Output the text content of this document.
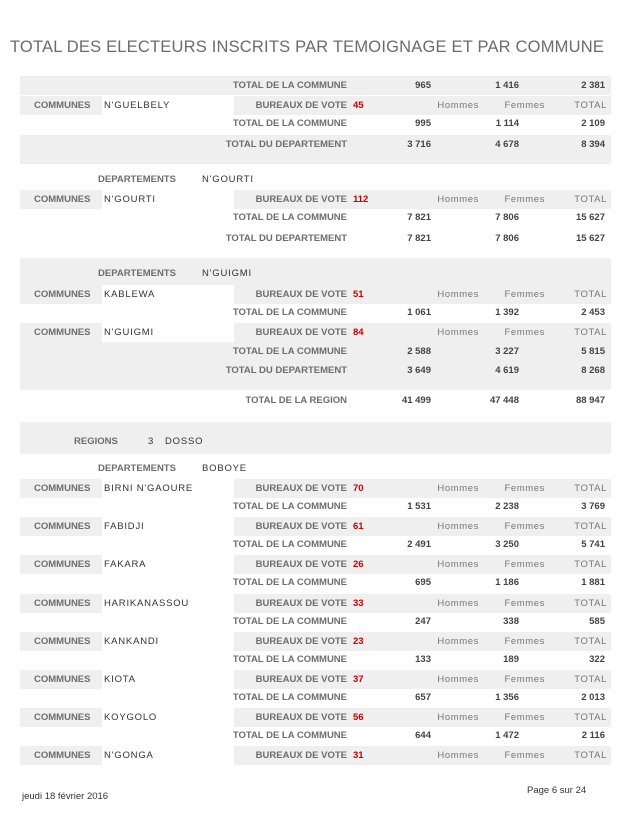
TOTAL DES ELECTEURS INSCRITS PAR TEMOIGNAGE ET PAR COMMUNE
TOTAL DE LA COMMUNE	965	1 416	2 381
COMMUNES N'GUELBELY	BUREAUX DE VOTE 45	Hommes	Femmes	TOTAL
TOTAL DE LA COMMUNE	995	1 114	2 109
TOTAL DU DEPARTEMENT	3 716	4 678	8 394
DEPARTEMENTS	N'GOURTI
COMMUNES N'GOURTI	BUREAUX DE VOTE 112	Hommes	Femmes	TOTAL
TOTAL DE LA COMMUNE	7 821	7 806	15 627
TOTAL DU DEPARTEMENT	7 821	7 806	15 627
DEPARTEMENTS	N'GUIGMI
COMMUNES KABLEWA	BUREAUX DE VOTE 51	Hommes	Femmes	TOTAL
TOTAL DE LA COMMUNE	1 061	1 392	2 453
COMMUNES N'GUIGMI	BUREAUX DE VOTE 84	Hommes	Femmes	TOTAL
TOTAL DE LA COMMUNE	2 588	3 227	5 815
TOTAL DU DEPARTEMENT	3 649	4 619	8 268
TOTAL DE LA REGION	41 499	47 448	88 947
REGIONS	3 DOSSO
DEPARTEMENTS	BOBOYE
COMMUNES BIRNI N'GAOURE	BUREAUX DE VOTE 70	Hommes	Femmes	TOTAL
TOTAL DE LA COMMUNE	1 531	2 238	3 769
COMMUNES FABIDJI	BUREAUX DE VOTE 61	Hommes	Femmes	TOTAL
TOTAL DE LA COMMUNE	2 491	3 250	5 741
COMMUNES FAKARA	BUREAUX DE VOTE 26	Hommes	Femmes	TOTAL
TOTAL DE LA COMMUNE	695	1 186	1 881
COMMUNES HARIKANASSOU	BUREAUX DE VOTE 33	Hommes	Femmes	TOTAL
TOTAL DE LA COMMUNE	247	338	585
COMMUNES KANKANDI	BUREAUX DE VOTE 23	Hommes	Femmes	TOTAL
TOTAL DE LA COMMUNE	133	189	322
COMMUNES KIOTA	BUREAUX DE VOTE 37	Hommes	Femmes	TOTAL
TOTAL DE LA COMMUNE	657	1 356	2 013
COMMUNES KOYGOLO	BUREAUX DE VOTE 56	Hommes	Femmes	TOTAL
TOTAL DE LA COMMUNE	644	1 472	2 116
COMMUNES N'GONGA	BUREAUX DE VOTE 31	Hommes	Femmes	TOTAL
jeudi 18 février 2016
Page 6 sur 24
